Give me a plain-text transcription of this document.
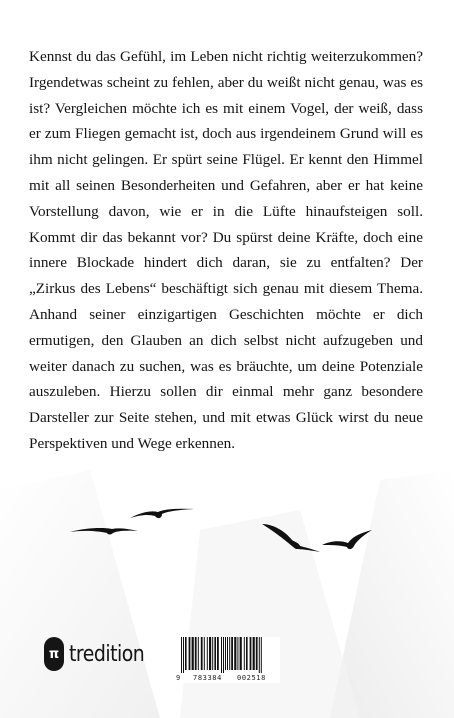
Kennst du das Gefühl, im Leben nicht richtig weiterzukommen? Irgendetwas scheint zu fehlen, aber du weißt nicht genau, was es ist? Vergleichen möchte ich es mit einem Vogel, der weiß, dass er zum Fliegen gemacht ist, doch aus irgendeinem Grund will es ihm nicht gelingen. Er spürt seine Flügel. Er kennt den Himmel mit all seinen Besonderheiten und Gefahren, aber er hat keine Vorstellung davon, wie er in die Lüfte hinaufsteigen soll. Kommt dir das bekannt vor? Du spürst deine Kräfte, doch eine innere Blockade hindert dich daran, sie zu entfalten? Der „Zirkus des Lebens“ beschäftigt sich genau mit diesem Thema. Anhand seiner einzigartigen Geschichten möchte er dich ermutigen, den Glauben an dich selbst nicht aufzugeben und weiter danach zu suchen, was es bräuchte, um deine Potenziale auszuleben. Hierzu sollen dir einmal mehr ganz besondere Darsteller zur Seite stehen, und mit etwas Glück wirst du neue Perspektiven und Wege erkennen.

π tredition
9 783384 002518
